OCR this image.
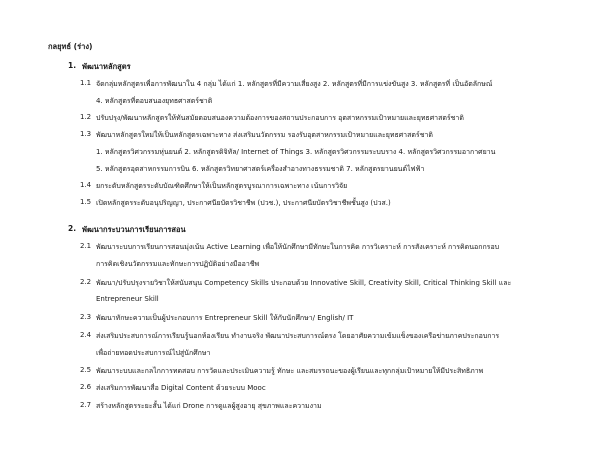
กลยุทธ์ (ร่าง)
1. พัฒนาหลักสูตร
1.1 จัดกลุ่มหลักสูตรเพื่อการพัฒนาใน 4 กลุ่ม ได้แก่ 1. หลักสูตรที่มีความเสี่ยงสูง 2. หลักสูตรที่มีการแข่งขันสูง 3. หลักสูตรที่ เป็นอัตลักษณ์
4. หลักสูตรที่ตอบสนองยุทธศาสตร์ชาติ
1.2 ปรับปรุง/พัฒนาหลักสูตรให้ทันสมัยตอบสนองความต้องการของสถานประกอบการ อุตสาหกรรมเป้าหมายและยุทธศาสตร์ชาติ
1.3 พัฒนาหลักสูตรใหม่ให้เป็นหลักสูตรเฉพาะทาง ส่งเสริมนวัตกรรม รองรับอุตสาหกรรมเป้าหมายและยุทธศาสตร์ชาติ
1. หลักสูตรวิศวกรรมหุ่นยนต์ 2. หลักสูตรดิจิทัล/ Internet of Things 3. หลักสูตรวิศวกรรมระบบราง 4. หลักสูตรวิศวกรรมอากาศยาน
5. หลักสูตรอุตสาหกรรมการบิน 6. หลักสูตรวิทยาศาสตร์เครื่องสำอางทางธรรมชาติ 7. หลักสูตรยานยนต์ไฟฟ้า
1.4 ยกระดับหลักสูตรระดับบัณฑิตศึกษาให้เป็นหลักสูตรบูรณาการเฉพาะทาง เน้นการวิจัย
1.5 เปิดหลักสูตรระดับอนุปริญญา, ประกาศนียบัตรวิชาชีพ (ปวช.), ประกาศนียบัตรวิชาชีพชั้นสูง (ปวส.)
2. พัฒนากระบวนการเรียนการสอน
2.1 พัฒนาระบบการเรียนการสอนมุ่งเน้น Active Learning เพื่อให้นักศึกษามีทักษะในการคิด การวิเคราะห์ การสังเคราะห์ การคิดนอกกรอบ
การคิดเชิงนวัตกรรมและทักษะการปฏิบัติอย่างมืออาชีพ
2.2 พัฒนา/ปรับปรุงรายวิชาให้สนับสนุน Competency Skills ประกอบด้วย Innovative Skill, Creativity Skill, Critical Thinking Skill และ
Entrepreneur Skill
2.3 พัฒนาทักษะความเป็นผู้ประกอบการ Entrepreneur Skill ให้กับนักศึกษา/ English/ IT
2.4 ส่งเสริมประสบการณ์การเรียนรู้นอกห้องเรียน ทำงานจริง พัฒนาประสบการณ์ตรง โดยอาศัยความเข้มแข็งของเครือข่ายภาคประกอบการ
เพื่อถ่ายทอดประสบการณ์ไปสู่นักศึกษา
2.5 พัฒนาระบบและกลไกการทดสอบ การวัดและประเมินความรู้ ทักษะ และสมรรถนะของผู้เรียนและทุกกลุ่มเป้าหมายให้มีประสิทธิภาพ
2.6 ส่งเสริมการพัฒนาสื่อ Digital Content ด้วยระบบ Mooc
2.7 สร้างหลักสูตรระยะสั้น ได้แก่ Drone การดูแลผู้สูงอายุ สุขภาพและความงาม
